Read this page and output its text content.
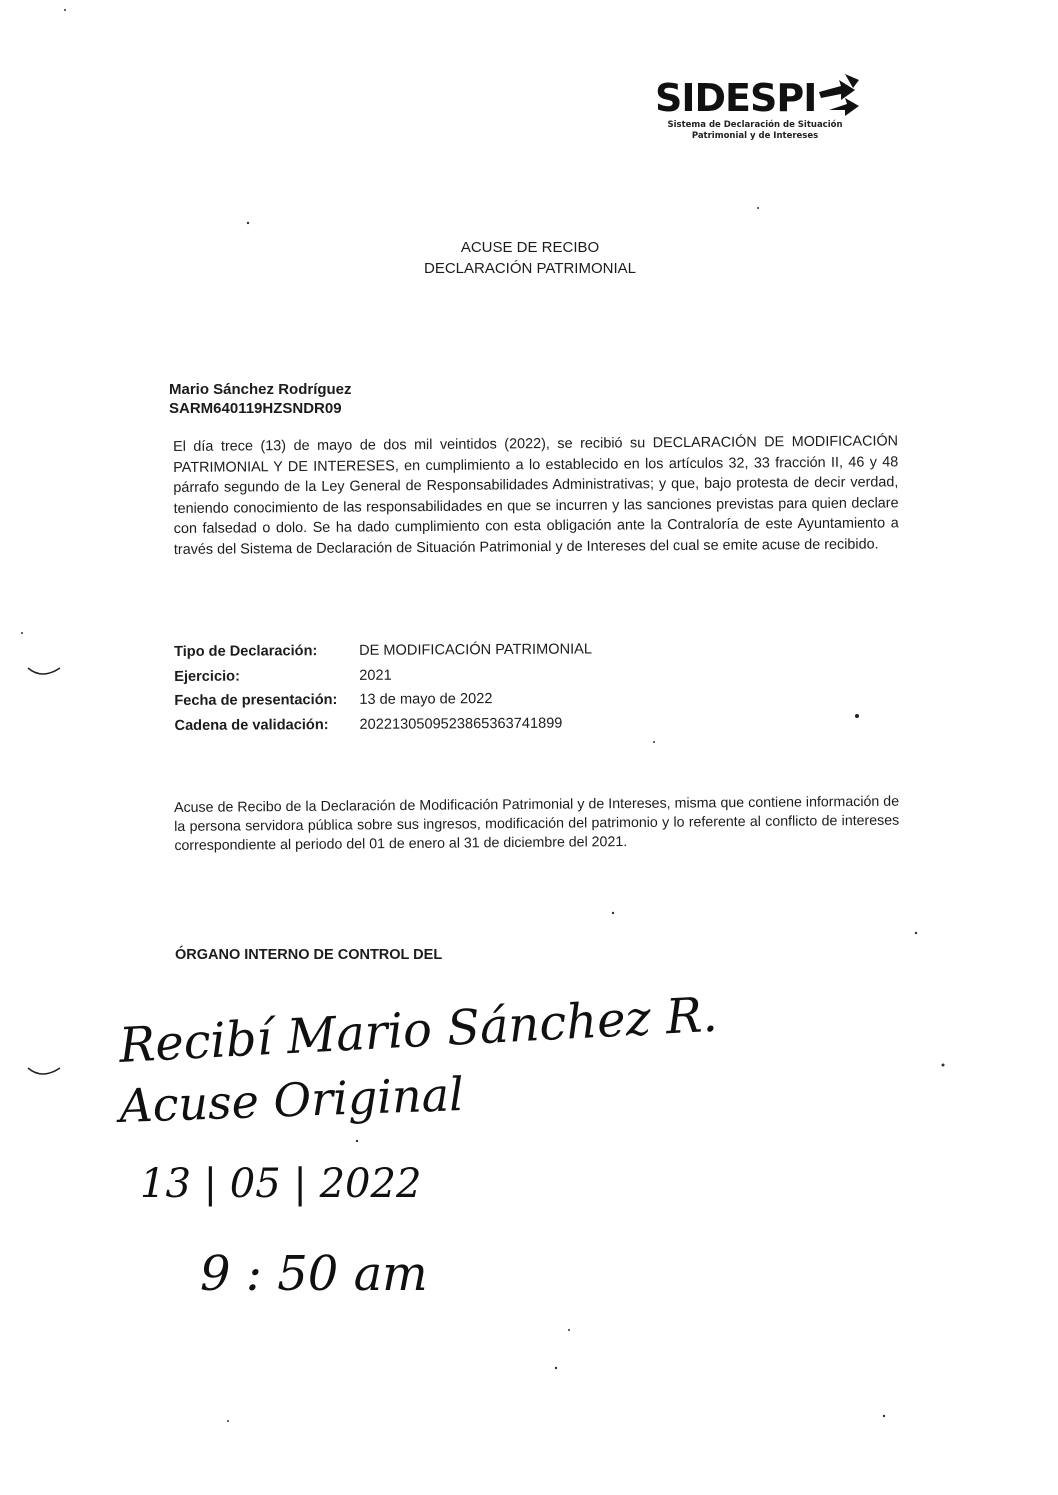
SIDESPI
Sistema de Declaración de Situación
Patrimonial y de Intereses
ACUSE DE RECIBO
DECLARACIÓN PATRIMONIAL
Mario Sánchez Rodríguez
SARM640119HZSNDR09
El día trece (13) de mayo de dos mil veintidos (2022), se recibió su DECLARACIÓN DE MODIFICACIÓN PATRIMONIAL Y DE INTERESES, en cumplimiento a lo establecido en los artículos 32, 33 fracción II, 46 y 48 párrafo segundo de la Ley General de Responsabilidades Administrativas; y que, bajo protesta de decir verdad, teniendo conocimiento de las responsabilidades en que se incurren y las sanciones previstas para quien declare con falsedad o dolo. Se ha dado cumplimiento con esta obligación ante la Contraloría de este Ayuntamiento a través del Sistema de Declaración de Situación Patrimonial y de Intereses del cual se emite acuse de recibido.
Tipo de Declaración:	DE MODIFICACIÓN PATRIMONIAL
Ejercicio:	2021
Fecha de presentación:	13 de mayo de 2022
Cadena de validación:	20221305095238653637418​99
Acuse de Recibo de la Declaración de Modificación Patrimonial y de Intereses, misma que contiene información de la persona servidora pública sobre sus ingresos, modificación del patrimonio y lo referente al conflicto de intereses correspondiente al periodo del 01 de enero al 31 de diciembre del 2021.
ÓRGANO INTERNO DE CONTROL DEL
Recibí Mario Sánchez R.
Acuse Original
13 | 05 | 2022
9 : 50 am
